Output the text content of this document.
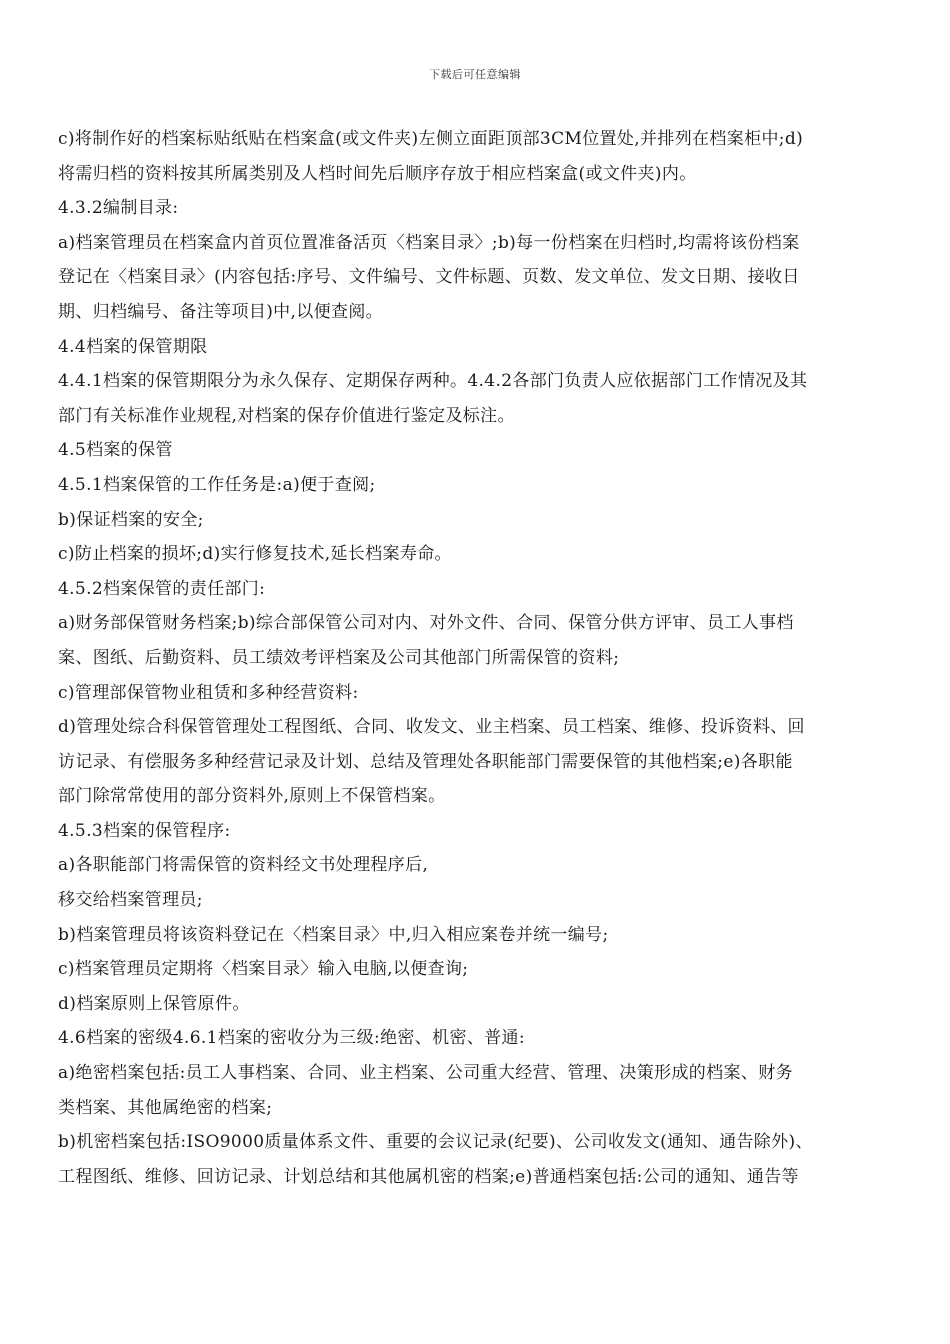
下载后可任意编辑
c)将制作好的档案标贴纸贴在档案盒(或文件夹)左侧立面距顶部3CM位置处,并排列在档案柜中;d)
将需归档的资料按其所属类别及人档时间先后顺序存放于相应档案盒(或文件夹)内。
4.3.2编制目录:
a)档案管理员在档案盒内首页位置准备活页〈档案目录〉;b)每一份档案在归档时,均需将该份档案
登记在〈档案目录〉(内容包括:序号、文件编号、文件标题、页数、发文单位、发文日期、接收日
期、归档编号、备注等项目)中,以便查阅。
4.4档案的保管期限
4.4.1档案的保管期限分为永久保存、定期保存两种。4.4.2各部门负责人应依据部门工作情况及其
部门有关标准作业规程,对档案的保存价值进行鉴定及标注。
4.5档案的保管
4.5.1档案保管的工作任务是:a)便于查阅;
b)保证档案的安全;
c)防止档案的损坏;d)实行修复技术,延长档案寿命。
4.5.2档案保管的责任部门:
a)财务部保管财务档案;b)综合部保管公司对内、对外文件、合同、保管分供方评审、员工人事档
案、图纸、后勤资料、员工绩效考评档案及公司其他部门所需保管的资料;
c)管理部保管物业租赁和多种经营资料:
d)管理处综合科保管管理处工程图纸、合同、收发文、业主档案、员工档案、维修、投诉资料、回
访记录、有偿服务多种经营记录及计划、总结及管理处各职能部门需要保管的其他档案;e)各职能
部门除常常使用的部分资料外,原则上不保管档案。
4.5.3档案的保管程序:
a)各职能部门将需保管的资料经文书处理程序后,
移交给档案管理员;
b)档案管理员将该资料登记在〈档案目录〉中,归入相应案卷并统一编号;
c)档案管理员定期将〈档案目录〉输入电脑,以便查询;
d)档案原则上保管原件。
4.6档案的密级4.6.1档案的密收分为三级:绝密、机密、普通:
a)绝密档案包括:员工人事档案、合同、业主档案、公司重大经营、管理、决策形成的档案、财务
类档案、其他属绝密的档案;
b)机密档案包括:ISO9000质量体系文件、重要的会议记录(纪要)、公司收发文(通知、通告除外)、
工程图纸、维修、回访记录、计划总结和其他属机密的档案;e)普通档案包括:公司的通知、通告等
